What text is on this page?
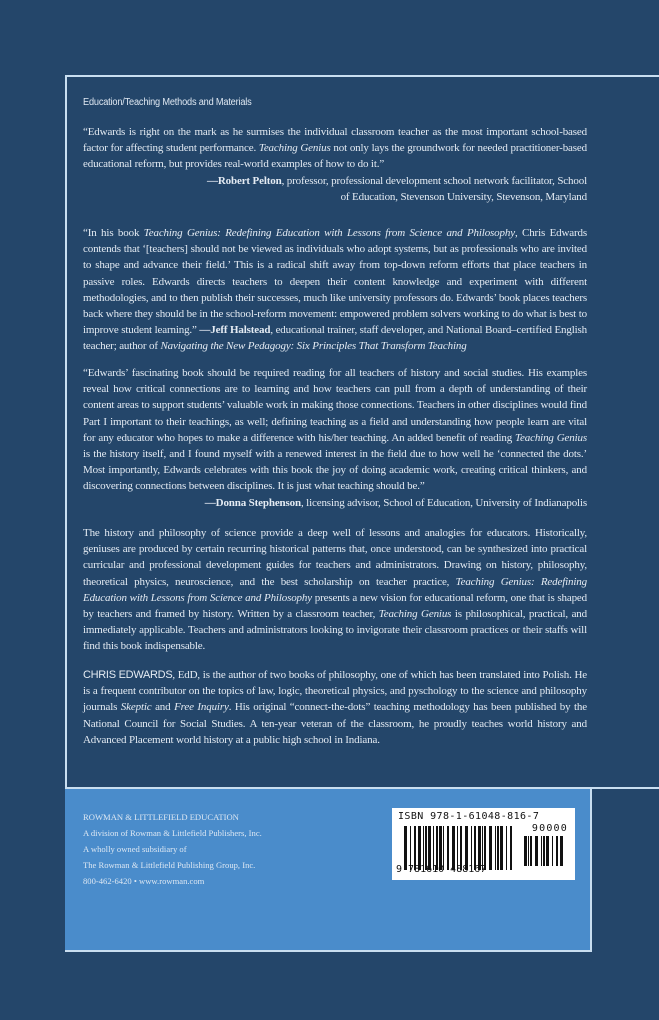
Education/Teaching Methods and Materials
“Edwards is right on the mark as he surmises the individual classroom teacher as the most important school-based factor for affecting student performance. Teaching Genius not only lays the groundwork for needed practitioner-based educational reform, but provides real-world examples of how to do it.”
—Robert Pelton, professor, professional development school network facilitator, School of Education, Stevenson University, Stevenson, Maryland
“In his book Teaching Genius: Redefining Education with Lessons from Science and Philosophy, Chris Edwards contends that ‘[teachers] should not be viewed as individuals who adopt systems, but as professionals who are invited to shape and advance their field.’ This is a radical shift away from top-down reform efforts that place teachers in passive roles. Edwards directs teachers to deepen their content knowledge and experiment with different methodologies, and to then publish their successes, much like university professors do. Edwards’ book places teachers back where they should be in the school-reform movement: empowered problem solvers working to do what is best to improve student learning.” —Jeff Halstead, educational trainer, staff developer, and National Board–certified English teacher; author of Navigating the New Pedagogy: Six Principles That Transform Teaching
“Edwards’ fascinating book should be required reading for all teachers of history and social studies. His examples reveal how critical connections are to learning and how teachers can pull from a depth of understanding of their content areas to support students’ valuable work in making those connections. Teachers in other disciplines would find Part I important to their teachings, as well; defining teaching as a field and understanding how people learn are vital for any educator who hopes to make a difference with his/her teaching. An added benefit of reading Teaching Genius is the history itself, and I found myself with a renewed interest in the field due to how well he ‘connected the dots.’ Most importantly, Edwards celebrates with this book the joy of doing academic work, creating critical thinkers, and discovering connections between disciplines. It is just what teaching should be.”
—Donna Stephenson, licensing advisor, School of Education, University of Indianapolis
The history and philosophy of science provide a deep well of lessons and analogies for educators. Historically, geniuses are produced by certain recurring historical patterns that, once understood, can be synthesized into practical curricular and professional development guides for teachers and administrators. Drawing on history, philosophy, theoretical physics, neuroscience, and the best scholarship on teacher practice, Teaching Genius: Redefining Education with Lessons from Science and Philosophy presents a new vision for educational reform, one that is shaped by teachers and framed by history. Written by a classroom teacher, Teaching Genius is philosophical, practical, and immediately applicable. Teachers and administrators looking to invigorate their classroom practices or their staffs will find this book indispensable.
CHRIS EDWARDS, EdD, is the author of two books of philosophy, one of which has been translated into Polish. He is a frequent contributor on the topics of law, logic, theoretical physics, and pyschology to the science and philosophy journals Skeptic and Free Inquiry. His original “connect-the-dots” teaching methodology has been published by the National Council for Social Studies. A ten-year veteran of the classroom, he proudly teaches world history and Advanced Placement world history at a public high school in Indiana.
ROWMAN & LITTLEFIELD EDUCATION
A division of Rowman & Littlefield Publishers, Inc.
A wholly owned subsidiary of
The Rowman & Littlefield Publishing Group, Inc.
800-462-6420 • www.rowman.com
ISBN 978-1-61048-816-7
90000
9 781610 488167
